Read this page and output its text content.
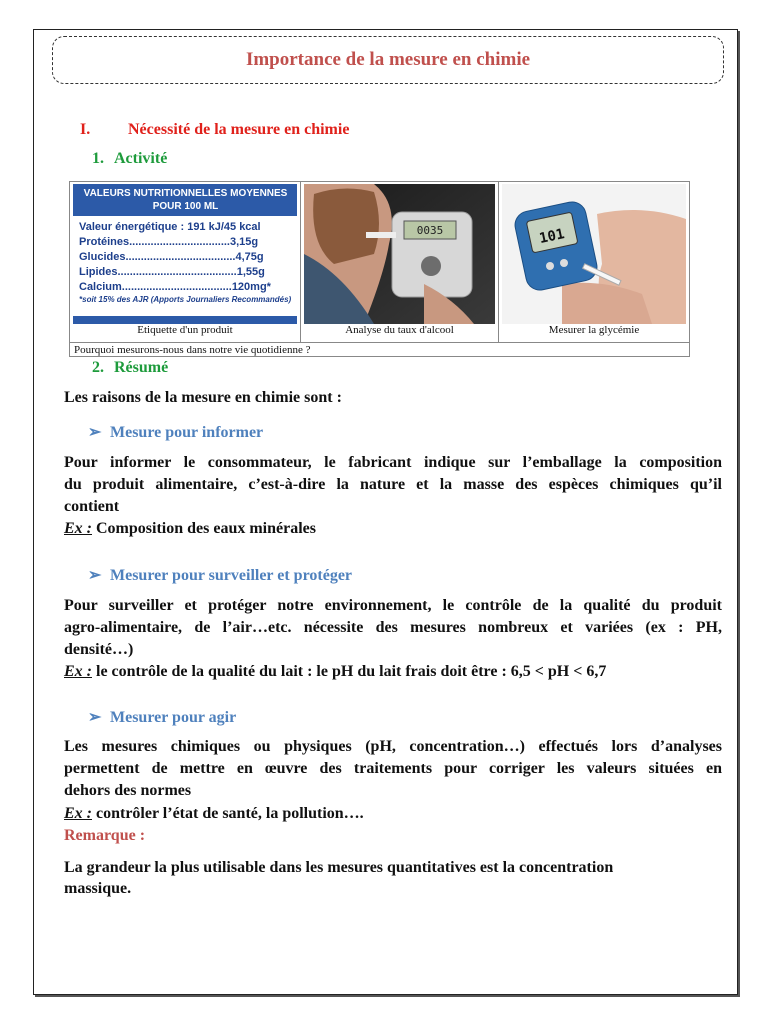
Importance de la mesure en chimie
I. Nécessité de la mesure en chimie
1. Activité
VALEURS NUTRITIONNELLES MOYENNES
POUR 100 ML
Valeur énergétique : 191 kJ/45 kcal
Protéines.................................3,15g
Glucides....................................4,75g
Lipides.......................................1,55g
Calcium....................................120mg*
*soit 15% des AJR (Apports Journaliers Recommandés)
Etiquette d'un produit
0035
Analyse du taux d'alcool
101
Mesurer la glycémie
Pourquoi mesurons-nous dans notre vie quotidienne ?
2. Résumé
Les raisons de la mesure en chimie sont :
➢ Mesure pour informer
Pour informer le consommateur, le fabricant indique sur l’emballage la composition
du produit alimentaire, c’est-à-dire la nature et la masse des espèces chimiques qu’il
contient
Ex : Composition des eaux minérales
➢ Mesurer pour surveiller et protéger
Pour surveiller et protéger notre environnement, le contrôle de la qualité du produit
agro-alimentaire, de l’air…etc. nécessite des mesures nombreux et variées (ex : PH,
densité…)
Ex : le contrôle de la qualité du lait : le pH du lait frais doit être : 6,5 < pH < 6,7
➢ Mesurer pour agir
Les mesures chimiques ou physiques (pH, concentration…) effectués lors d’analyses
permettent de mettre en œuvre des traitements pour corriger les valeurs situées en
dehors des normes
Ex : contrôler l’état de santé, la pollution….
Remarque :
La grandeur la plus utilisable dans les mesures quantitatives est la concentration
massique.
